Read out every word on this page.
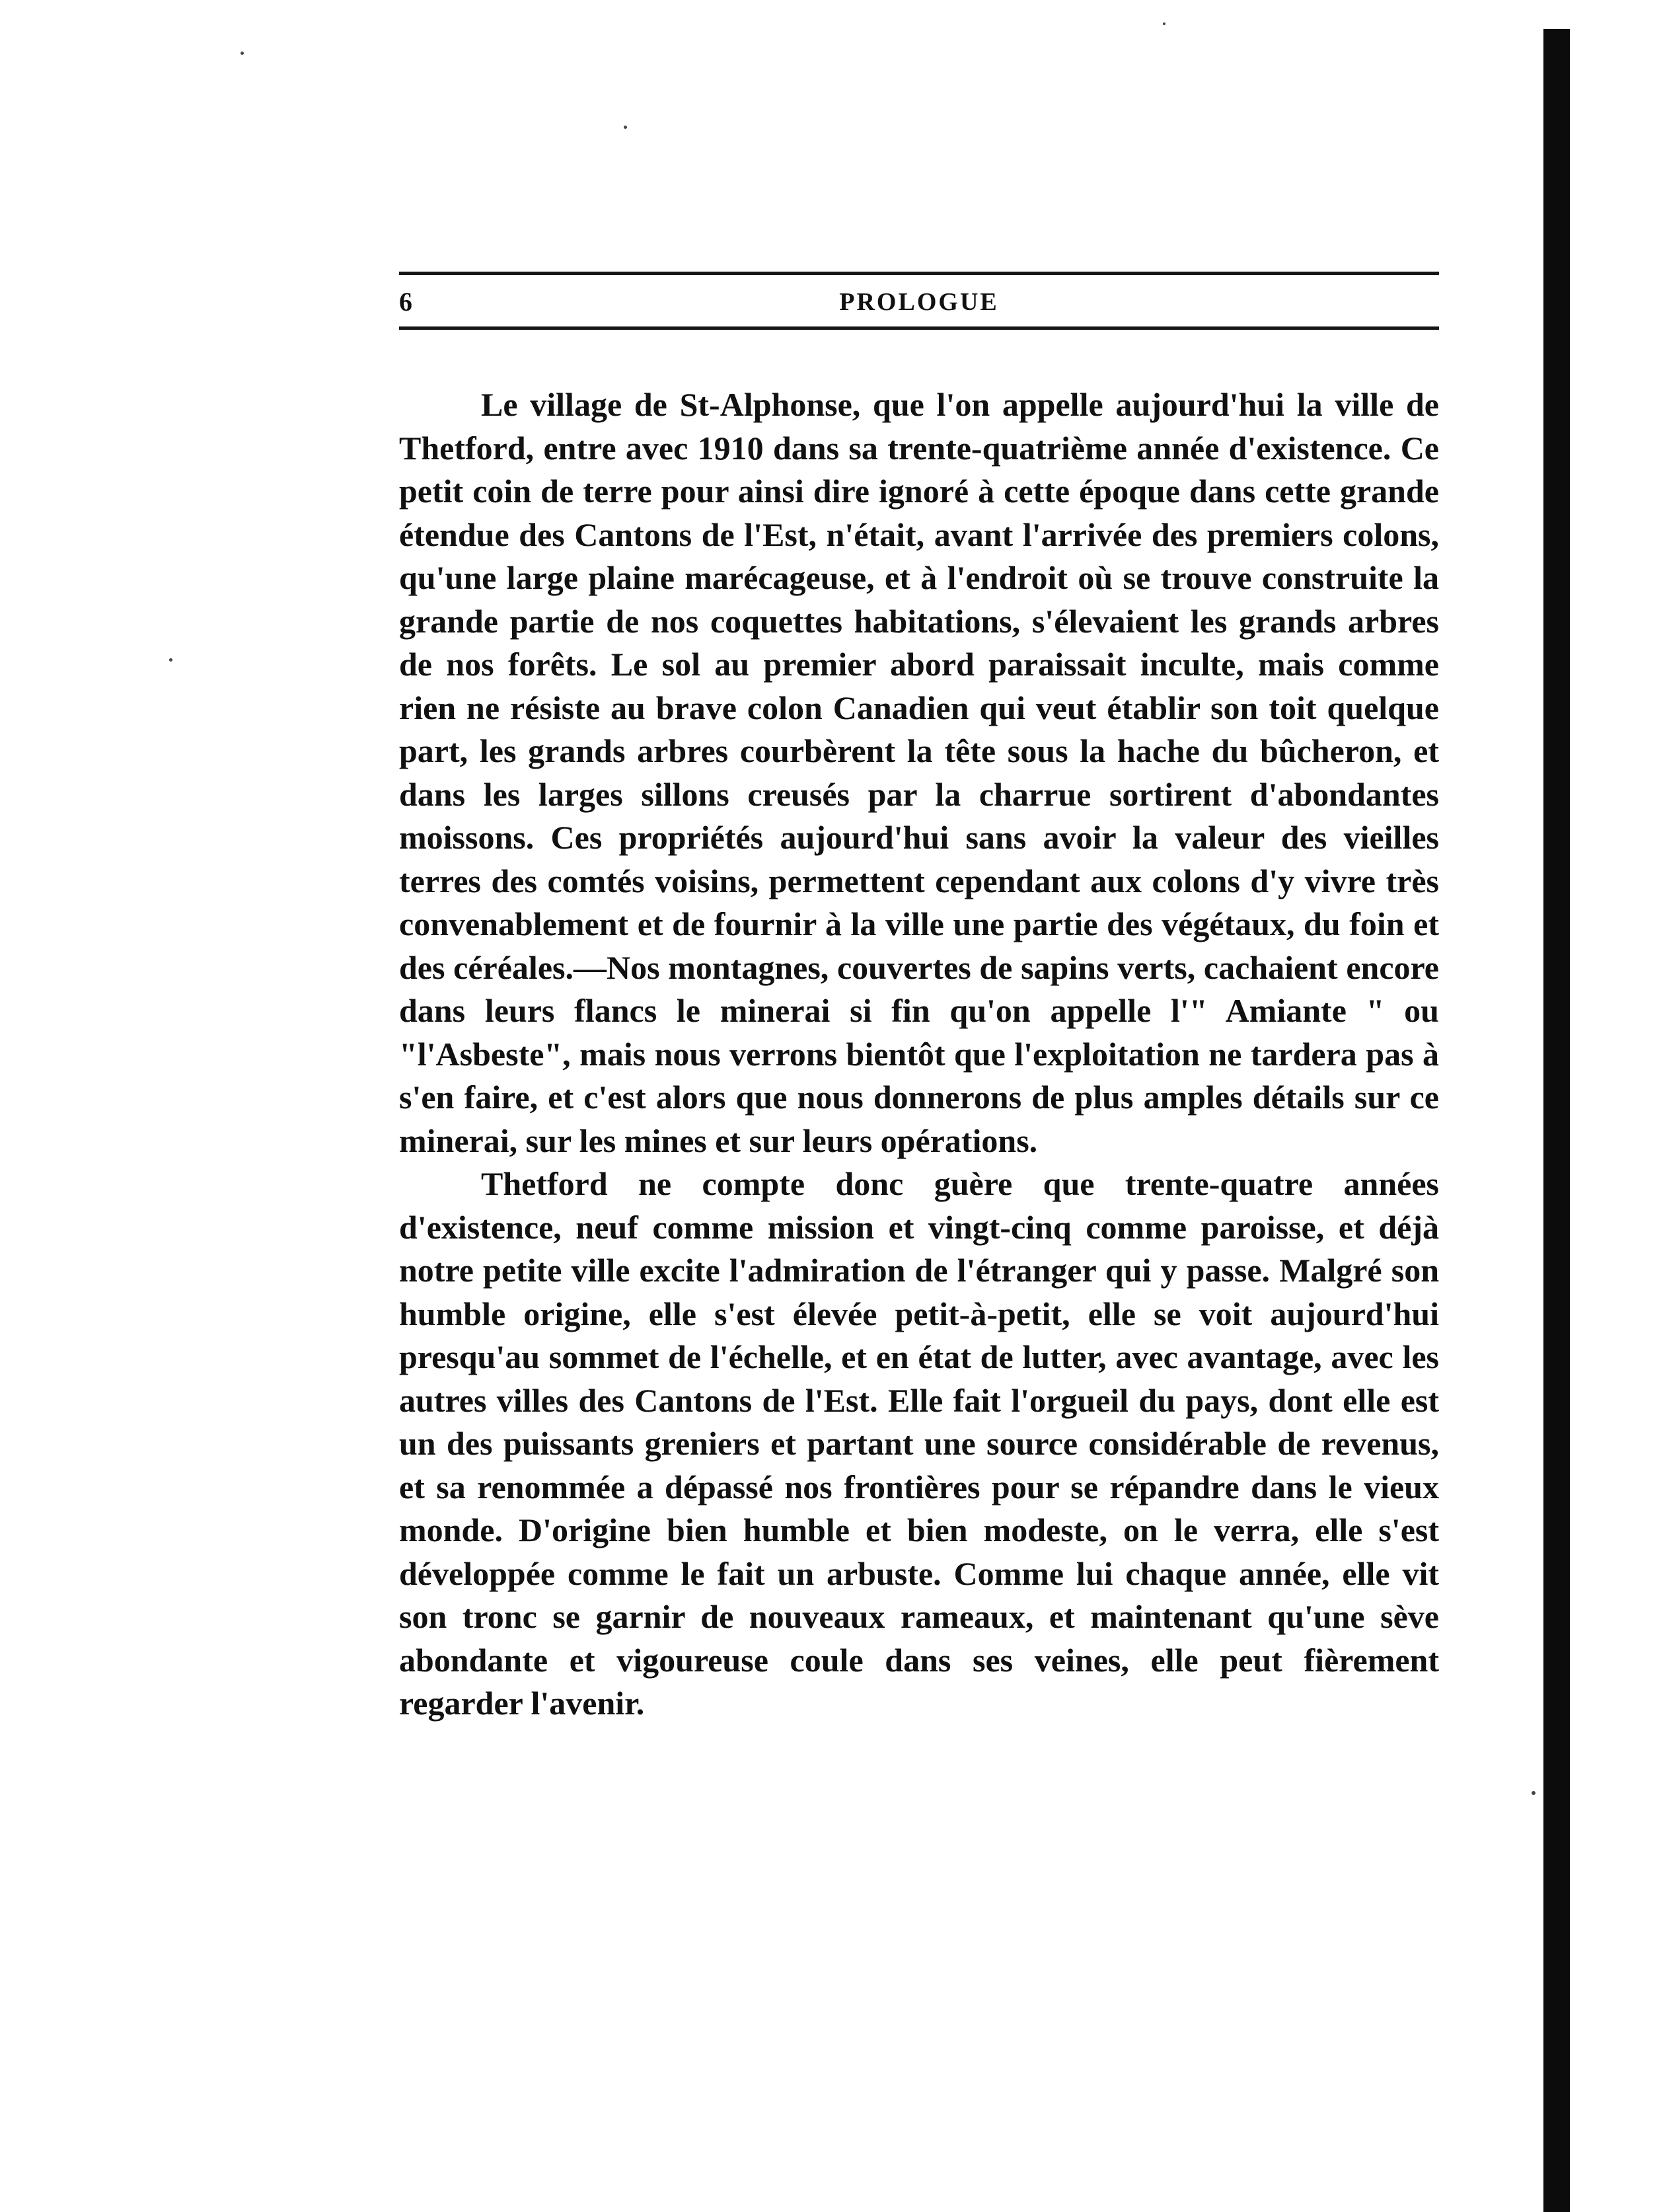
6	PROLOGUE

Le village de St-Alphonse, que l'on appelle aujourd'hui la ville de Thetford, entre avec 1910 dans sa trente-quatrième année d'existence. Ce petit coin de terre pour ainsi dire ignoré à cette époque dans cette grande étendue des Cantons de l'Est, n'était, avant l'arrivée des premiers colons, qu'une large plaine marécageuse, et à l'endroit où se trouve construite la grande partie de nos coquettes habitations, s'élevaient les grands arbres de nos forêts. Le sol au premier abord paraissait inculte, mais comme rien ne résiste au brave colon Canadien qui veut établir son toit quelque part, les grands arbres courbèrent la tête sous la hache du bûcheron, et dans les larges sillons creusés par la charrue sortirent d'abondantes moissons. Ces propriétés aujourd'hui sans avoir la valeur des vieilles terres des comtés voisins, permettent cependant aux colons d'y vivre très convenablement et de fournir à la ville une partie des végétaux, du foin et des céréales.—Nos montagnes, couvertes de sapins verts, cachaient encore dans leurs flancs le minerai si fin qu'on appelle l'" Amiante " ou "l'Asbeste", mais nous verrons bientôt que l'exploitation ne tardera pas à s'en faire, et c'est alors que nous donnerons de plus amples détails sur ce minerai, sur les mines et sur leurs opérations.

Thetford ne compte donc guère que trente-quatre années d'existence, neuf comme mission et vingt-cinq comme paroisse, et déjà notre petite ville excite l'admiration de l'étranger qui y passe. Malgré son humble origine, elle s'est élevée petit-à-petit, elle se voit aujourd'hui presqu'au sommet de l'échelle, et en état de lutter, avec avantage, avec les autres villes des Cantons de l'Est. Elle fait l'orgueil du pays, dont elle est un des puissants greniers et partant une source considérable de revenus, et sa renommée a dépassé nos frontières pour se répandre dans le vieux monde. D'origine bien humble et bien modeste, on le verra, elle s'est développée comme le fait un arbuste. Comme lui chaque année, elle vit son tronc se garnir de nouveaux rameaux, et maintenant qu'une sève abondante et vigoureuse coule dans ses veines, elle peut fièrement regarder l'avenir.
